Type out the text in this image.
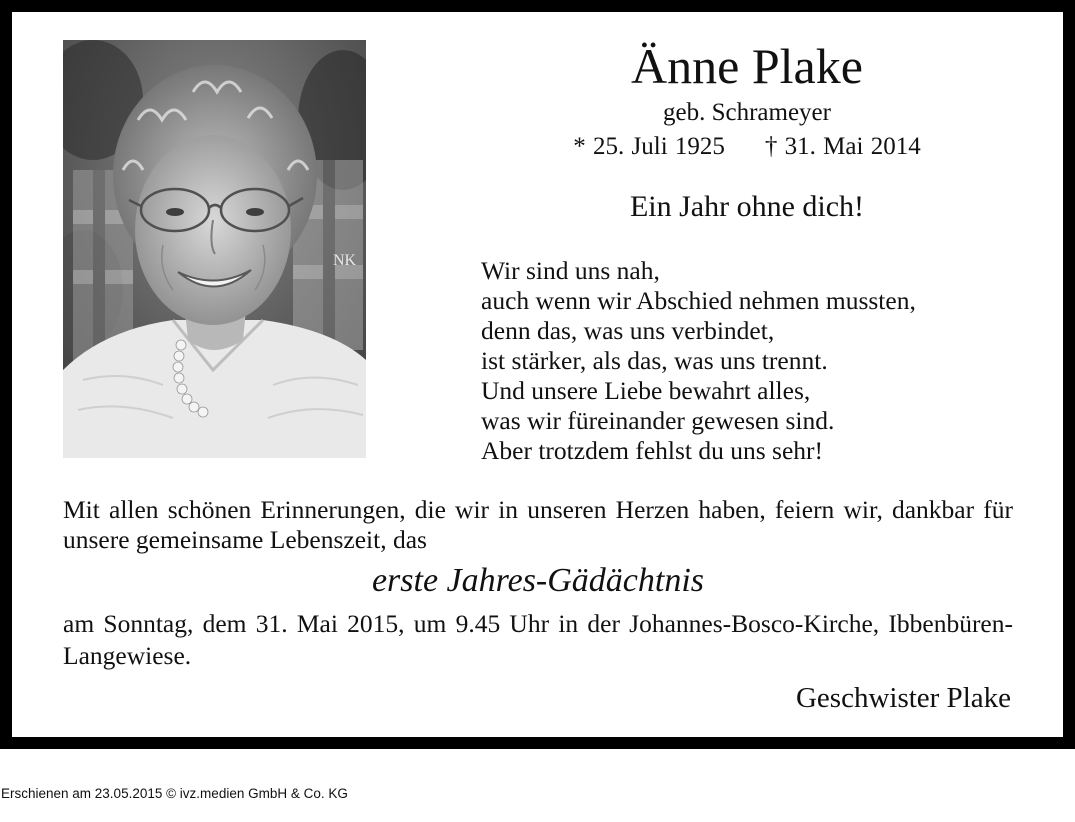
NK
Änne Plake
geb. Schrameyer
* 25. Juli 1925 † 31. Mai 2014
Ein Jahr ohne dich!
Wir sind uns nah,
auch wenn wir Abschied nehmen mussten,
denn das, was uns verbindet,
ist stärker, als das, was uns trennt.
Und unsere Liebe bewahrt alles,
was wir füreinander gewesen sind.
Aber trotzdem fehlst du uns sehr!
Mit allen schönen Erinnerungen, die wir in unseren Herzen haben, feiern wir, dankbar für unsere gemeinsame Lebenszeit, das
erste Jahres-Gädächtnis
am Sonntag, dem 31. Mai 2015, um 9.45 Uhr in der Johannes-Bosco-Kirche, Ibbenbüren-Langewiese.
Geschwister Plake
Erschienen am 23.05.2015 © ivz.medien GmbH & Co. KG
